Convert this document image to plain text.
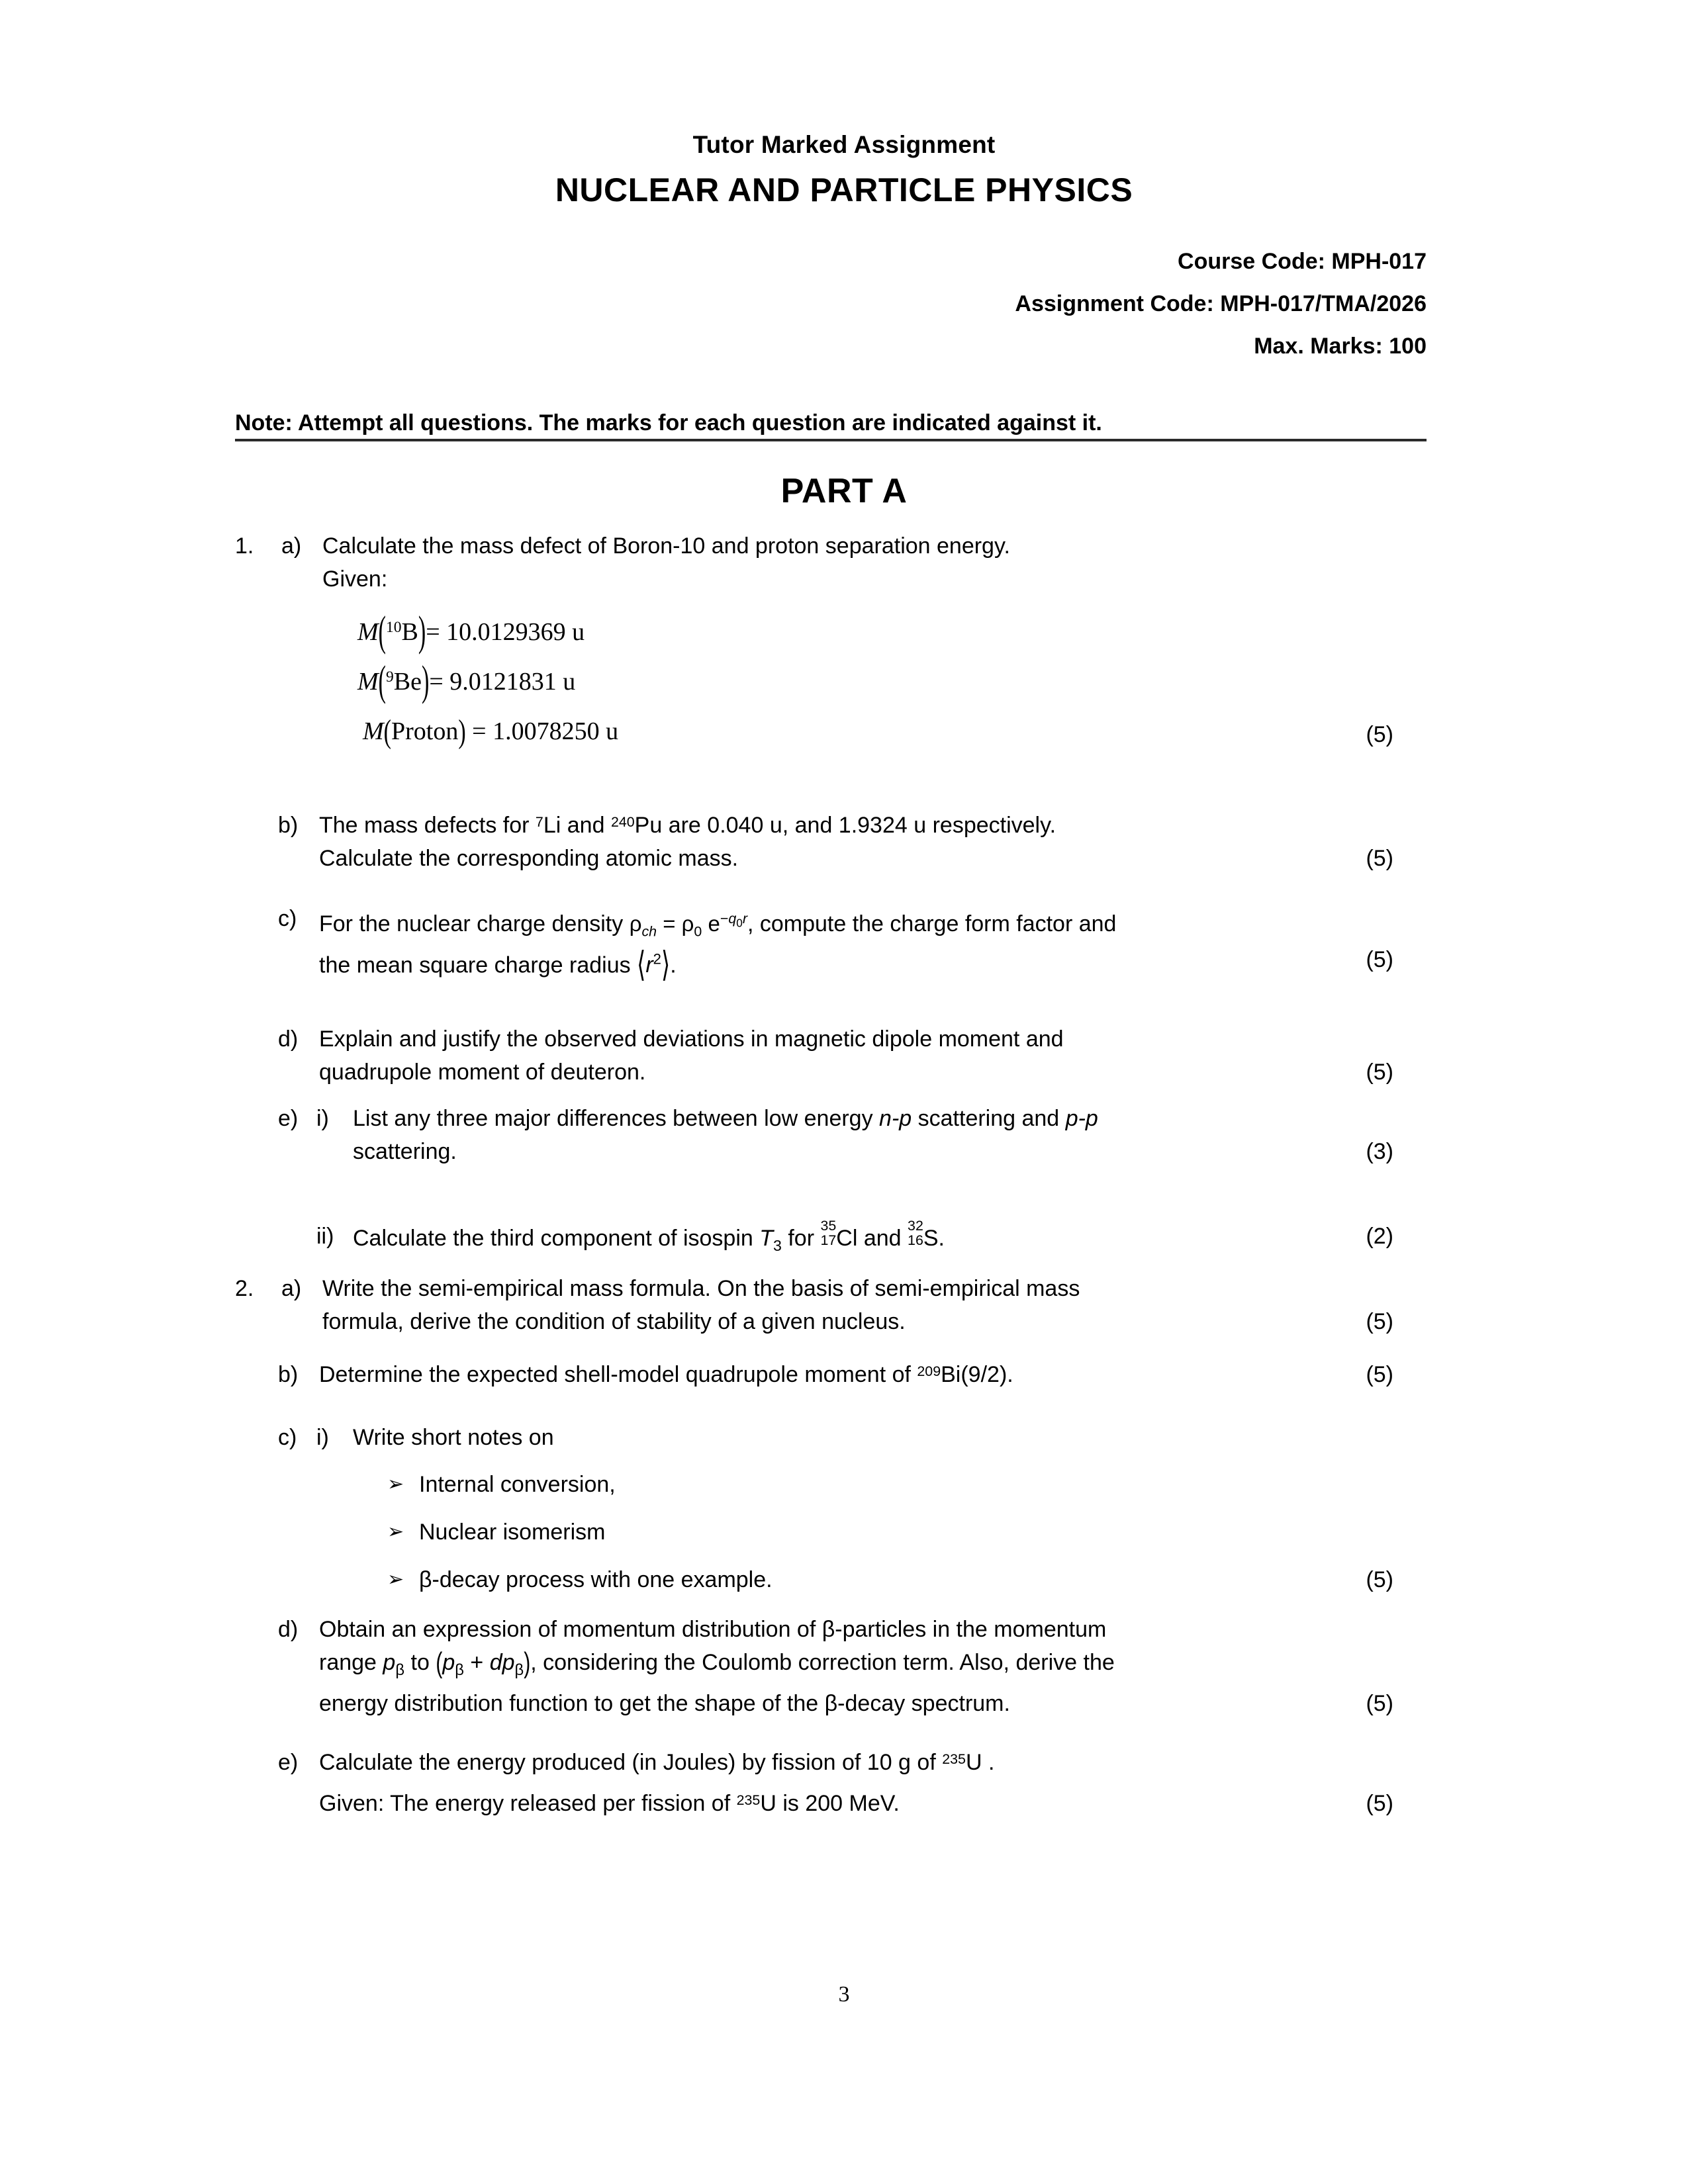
Tutor Marked Assignment
NUCLEAR AND PARTICLE PHYSICS
Course Code: MPH-017
Assignment Code: MPH-017/TMA/2026
Max. Marks: 100
Note: Attempt all questions. The marks for each question are indicated against it.
PART A
1. a) Calculate the mass defect of Boron-10 and proton separation energy.
Given:
M(10B)= 10.0129369 u
M(9Be)= 9.0121831 u
M(Proton) = 1.0078250 u	(5)
b) The mass defects for 7 Li and 240 Pu are 0.040 u, and 1.9324 u respectively.
Calculate the corresponding atomic mass.	(5)
c) For the nuclear charge density $\rho_{ch} = \rho_0$ $e^{-q_0r}$, compute the charge form factor and
the mean square charge radius $⟨r^2⟩$.	(5)
d) Explain and justify the observed deviations in magnetic dipole moment and
quadrupole moment of deuteron.	(5)
e) i) List any three major differences between low energy n-p scattering and p-p
scattering.	(3)
ii) Calculate the third component of isospin $T_3$ for 35
17 Cl and 32
16 S.	(2)
2. a) Write the semi-empirical mass formula. On the basis of semi-empirical mass
formula, derive the condition of stability of a given nucleus.	(5)
b) Determine the expected shell-model quadrupole moment of 209 Bi(9/2).	(5)
c) i) Write short notes on
➢ Internal conversion,
➢ Nuclear isomerism
➢ β-decay process with one example.	(5)
d) Obtain an expression of momentum distribution of β-particles in the momentum
range $p_\beta$ to $(p_\beta + dp_\beta)$, considering the Coulomb correction term. Also, derive the
energy distribution function to get the shape of the β-decay spectrum.	(5)
e) Calculate the energy produced (in Joules) by fission of 10 g of 235 U .
Given: The energy released per fission of 235 U is 200 MeV.	(5)
3
